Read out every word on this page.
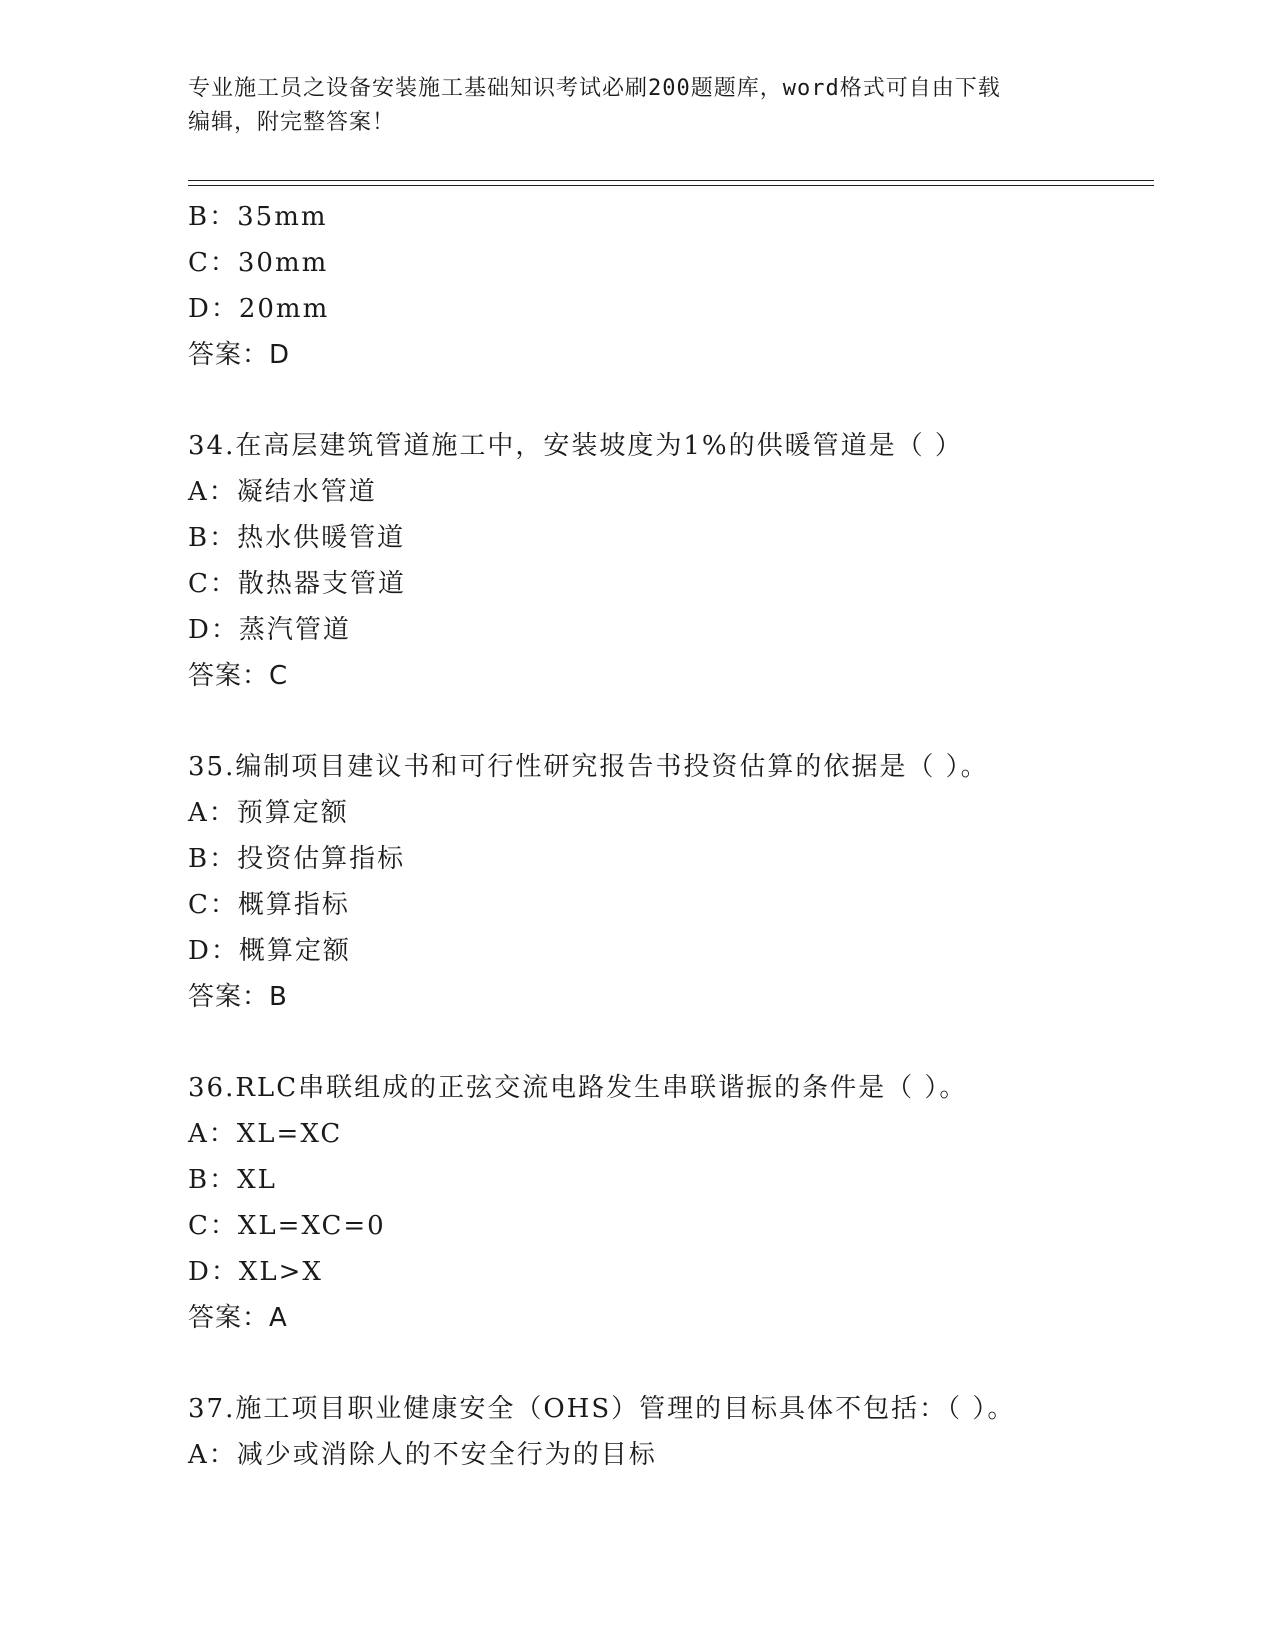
专业施工员之设备安装施工基础知识考试必刷200题题库，word格式可自由下载
编辑，附完整答案！
B：35mm
C：30mm
D：20mm
答案：D
34.在高层建筑管道施工中，安装坡度为1%的供暖管道是（ ）
A：凝结水管道
B：热水供暖管道
C：散热器支管道
D：蒸汽管道
答案：C
35.编制项目建议书和可行性研究报告书投资估算的依据是（ ）。
A：预算定额
B：投资估算指标
C：概算指标
D：概算定额
答案：B
36.RLC串联组成的正弦交流电路发生串联谐振的条件是（ ）。
A：XL=XC
B：XL
C：XL=XC=0
D：XL>X
答案：A
37.施工项目职业健康安全（OHS）管理的目标具体不包括：（ ）。
A：减少或消除人的不安全行为的目标
